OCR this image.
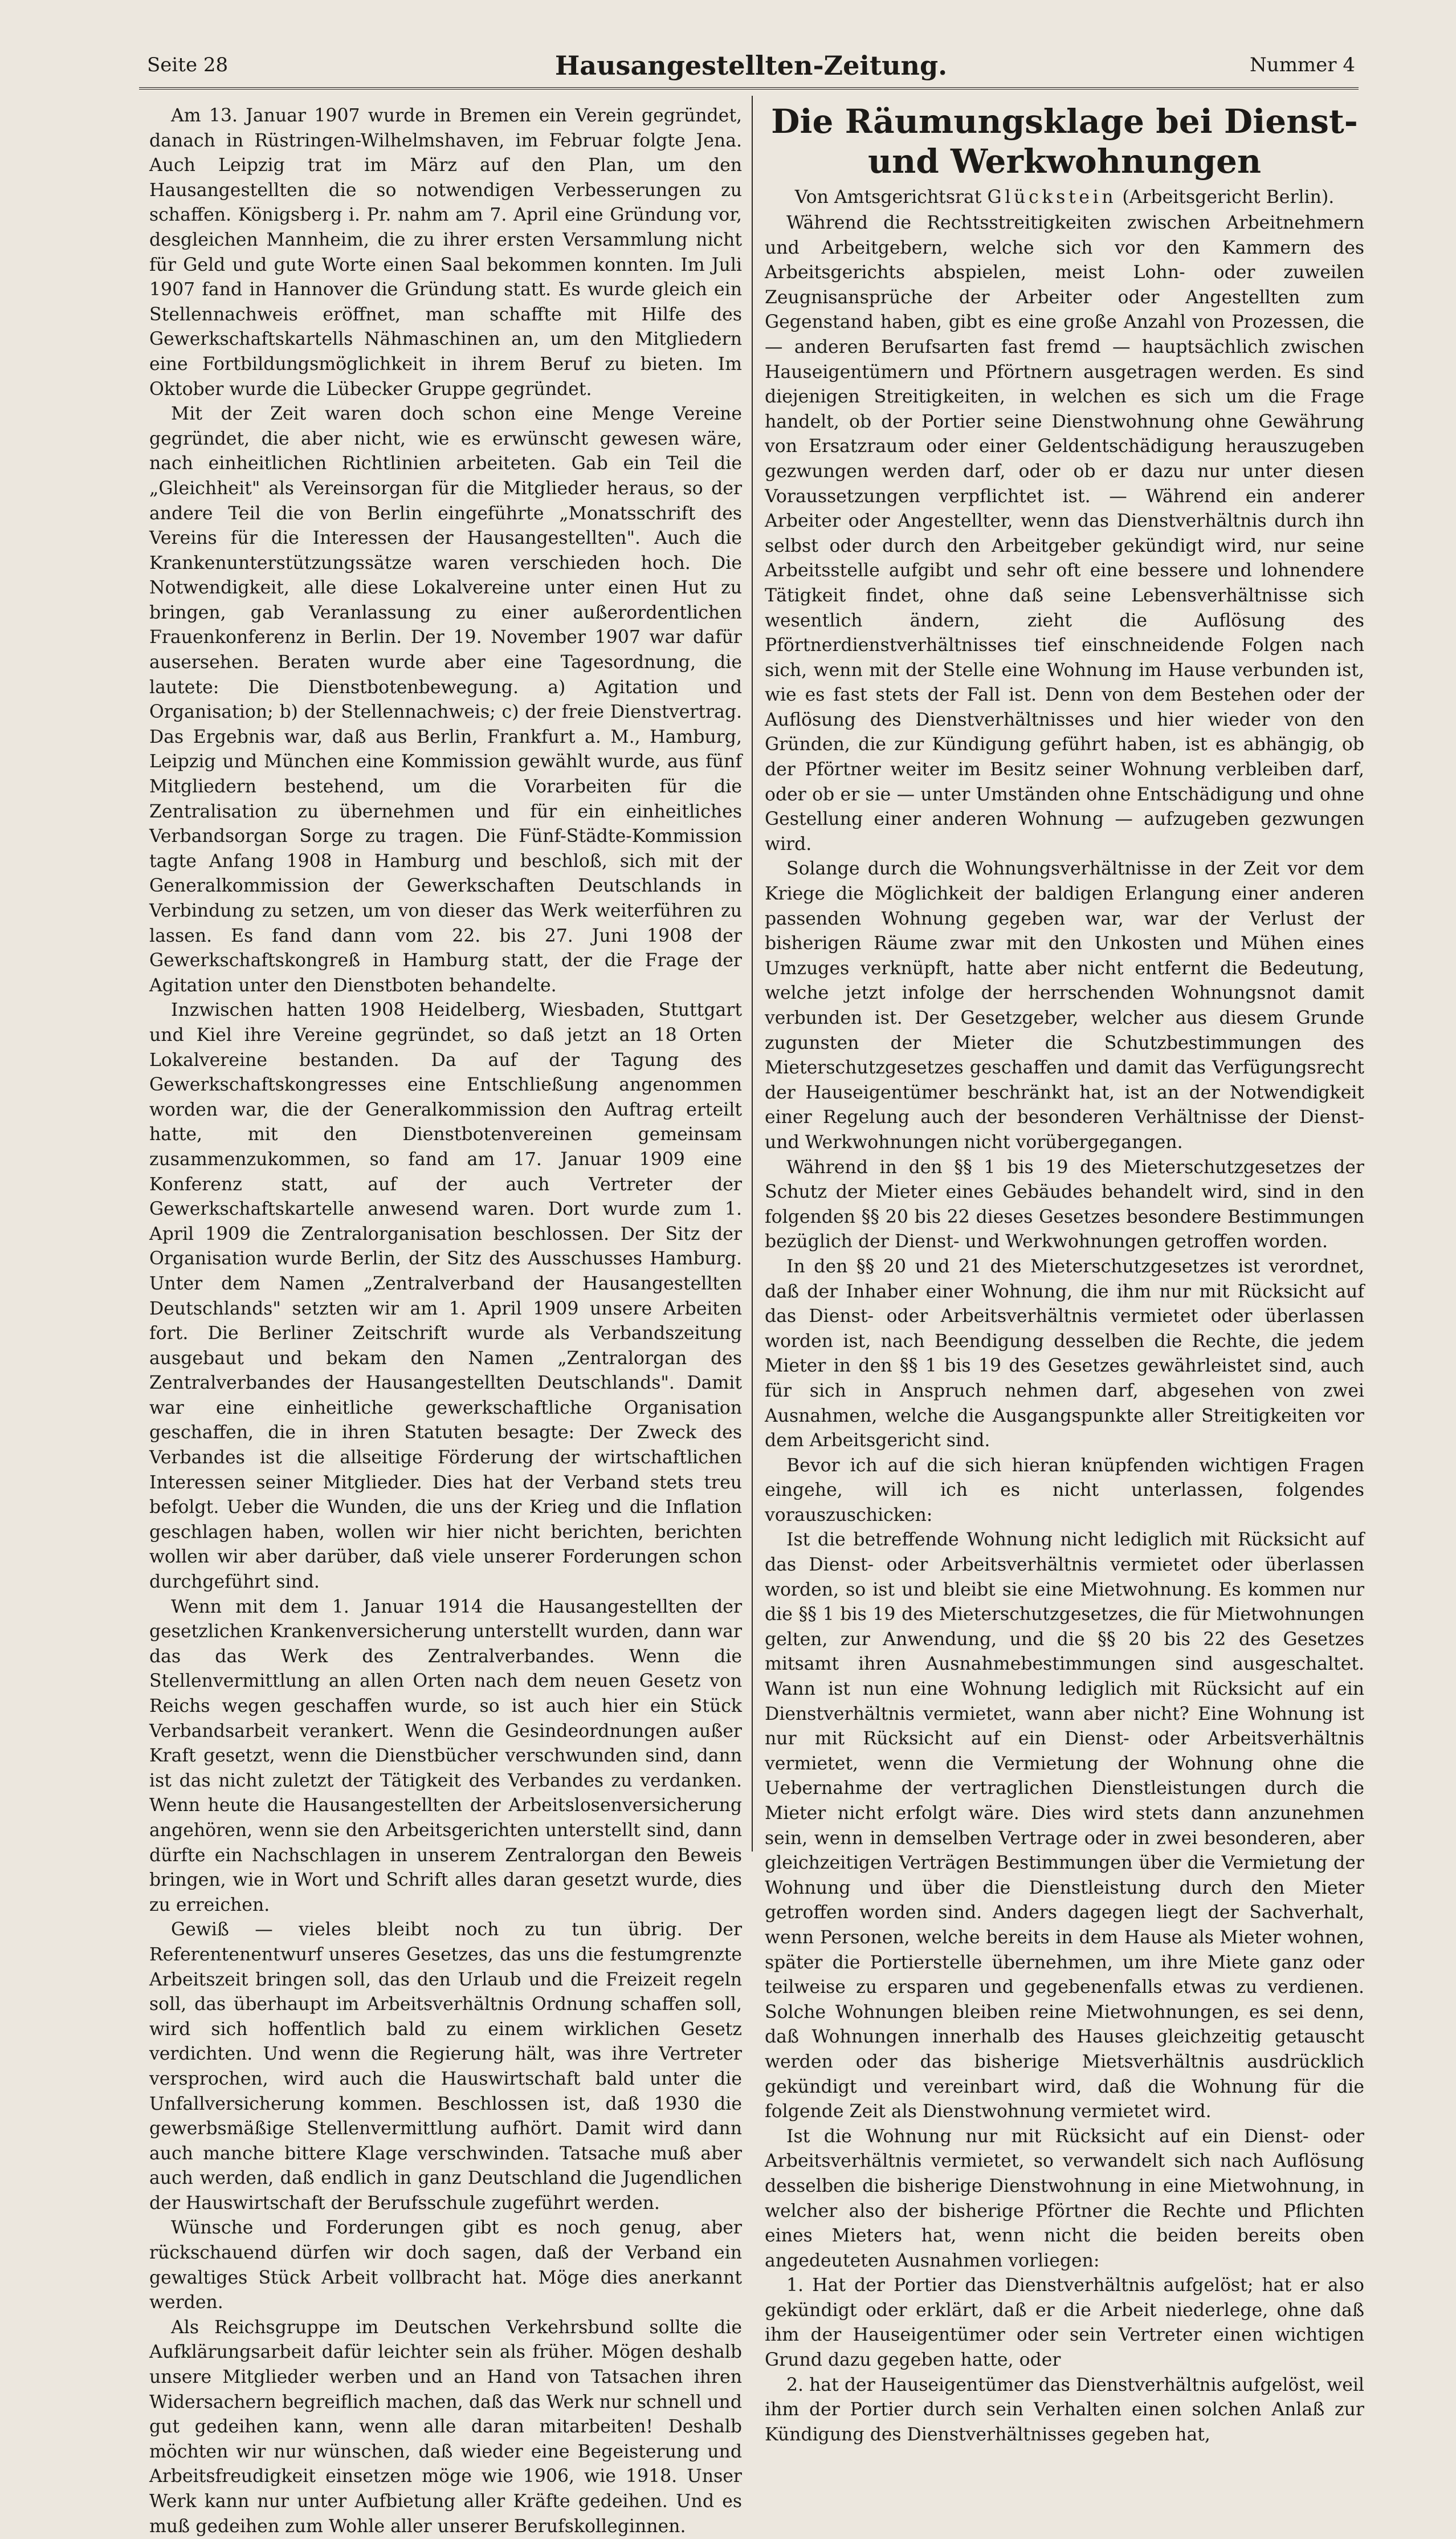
Seite 28	Hausangestellten-Zeitung.	Nummer 4

Am 13. Januar 1907 wurde in Bremen ein Verein gegründet, danach in Rüstringen-Wilhelmshaven, im Februar folgte Jena. Auch Leipzig trat im März auf den Plan, um den Hausangestellten die so notwendigen Verbesserungen zu schaffen. Königsberg i. Pr. nahm am 7. April eine Gründung vor, desgleichen Mannheim, die zu ihrer ersten Versammlung nicht für Geld und gute Worte einen Saal bekommen konnten. Im Juli 1907 fand in Hannover die Gründung statt. Es wurde gleich ein Stellennachweis eröffnet, man schaffte mit Hilfe des Gewerkschaftskartells Nähmaschinen an, um den Mitgliedern eine Fortbildungsmöglichkeit in ihrem Beruf zu bieten. Im Oktober wurde die Lübecker Gruppe gegründet.

Mit der Zeit waren doch schon eine Menge Vereine gegründet, die aber nicht, wie es erwünscht gewesen wäre, nach einheitlichen Richtlinien arbeiteten. Gab ein Teil die „Gleichheit" als Vereinsorgan für die Mitglieder heraus, so der andere Teil die von Berlin eingeführte „Monatsschrift des Vereins für die Interessen der Hausangestellten". Auch die Krankenunterstützungssätze waren verschieden hoch. Die Notwendigkeit, alle diese Lokalvereine unter einen Hut zu bringen, gab Veranlassung zu einer außerordentlichen Frauenkonferenz in Berlin. Der 19. November 1907 war dafür ausersehen. Beraten wurde aber eine Tagesordnung, die lautete: Die Dienstbotenbewegung. a) Agitation und Organisation; b) der Stellennachweis; c) der freie Dienstvertrag. Das Ergebnis war, daß aus Berlin, Frankfurt a. M., Hamburg, Leipzig und München eine Kommission gewählt wurde, aus fünf Mitgliedern bestehend, um die Vorarbeiten für die Zentralisation zu übernehmen und für ein einheitliches Verbandsorgan Sorge zu tragen. Die Fünf-Städte-Kommission tagte Anfang 1908 in Hamburg und beschloß, sich mit der Generalkommission der Gewerkschaften Deutschlands in Verbindung zu setzen, um von dieser das Werk weiterführen zu lassen. Es fand dann vom 22. bis 27. Juni 1908 der Gewerkschaftskongreß in Hamburg statt, der die Frage der Agitation unter den Dienstboten behandelte.

Inzwischen hatten 1908 Heidelberg, Wiesbaden, Stuttgart und Kiel ihre Vereine gegründet, so daß jetzt an 18 Orten Lokalvereine bestanden. Da auf der Tagung des Gewerkschaftskongresses eine Entschließung angenommen worden war, die der Generalkommission den Auftrag erteilt hatte, mit den Dienstbotenvereinen gemeinsam zusammenzukommen, so fand am 17. Januar 1909 eine Konferenz statt, auf der auch Vertreter der Gewerkschaftskartelle anwesend waren. Dort wurde zum 1. April 1909 die Zentralorganisation beschlossen. Der Sitz der Organisation wurde Berlin, der Sitz des Ausschusses Hamburg. Unter dem Namen „Zentralverband der Hausangestellten Deutschlands" setzten wir am 1. April 1909 unsere Arbeiten fort. Die Berliner Zeitschrift wurde als Verbandszeitung ausgebaut und bekam den Namen „Zentralorgan des Zentralverbandes der Hausangestellten Deutschlands". Damit war eine einheitliche gewerkschaftliche Organisation geschaffen, die in ihren Statuten besagte: Der Zweck des Verbandes ist die allseitige Förderung der wirtschaftlichen Interessen seiner Mitglieder. Dies hat der Verband stets treu befolgt. Ueber die Wunden, die uns der Krieg und die Inflation geschlagen haben, wollen wir hier nicht berichten, berichten wollen wir aber darüber, daß viele unserer Forderungen schon durchgeführt sind.

Wenn mit dem 1. Januar 1914 die Hausangestellten der gesetzlichen Krankenversicherung unterstellt wurden, dann war das das Werk des Zentralverbandes. Wenn die Stellenvermittlung an allen Orten nach dem neuen Gesetz von Reichs wegen geschaffen wurde, so ist auch hier ein Stück Verbandsarbeit verankert. Wenn die Gesindeordnungen außer Kraft gesetzt, wenn die Dienstbücher verschwunden sind, dann ist das nicht zuletzt der Tätigkeit des Verbandes zu verdanken. Wenn heute die Hausangestellten der Arbeitslosenversicherung angehören, wenn sie den Arbeitsgerichten unterstellt sind, dann dürfte ein Nachschlagen in unserem Zentralorgan den Beweis bringen, wie in Wort und Schrift alles daran gesetzt wurde, dies zu erreichen.

Gewiß — vieles bleibt noch zu tun übrig. Der Referentenentwurf unseres Gesetzes, das uns die festumgrenzte Arbeitszeit bringen soll, das den Urlaub und die Freizeit regeln soll, das überhaupt im Arbeitsverhältnis Ordnung schaffen soll, wird sich hoffentlich bald zu einem wirklichen Gesetz verdichten. Und wenn die Regierung hält, was ihre Vertreter versprochen, wird auch die Hauswirtschaft bald unter die Unfallversicherung kommen. Beschlossen ist, daß 1930 die gewerbsmäßige Stellenvermittlung aufhört. Damit wird dann auch manche bittere Klage verschwinden. Tatsache muß aber auch werden, daß endlich in ganz Deutschland die Jugendlichen der Hauswirtschaft der Berufsschule zugeführt werden.

Wünsche und Forderungen gibt es noch genug, aber rückschauend dürfen wir doch sagen, daß der Verband ein gewaltiges Stück Arbeit vollbracht hat. Möge dies anerkannt werden.

Als Reichsgruppe im Deutschen Verkehrsbund sollte die Aufklärungsarbeit dafür leichter sein als früher. Mögen deshalb unsere Mitglieder werben und an Hand von Tatsachen ihren Widersachern begreiflich machen, daß das Werk nur schnell und gut gedeihen kann, wenn alle daran mitarbeiten! Deshalb möchten wir nur wünschen, daß wieder eine Begeisterung und Arbeitsfreudigkeit einsetzen möge wie 1906, wie 1918. Unser Werk kann nur unter Aufbietung aller Kräfte gedeihen. Und es muß gedeihen zum Wohle aller unserer Berufskolleginnen.

Die Räumungsklage bei Dienst- und Werkwohnungen
Von Amtsgerichtsrat Glückstein (Arbeitsgericht Berlin).

Während die Rechtsstreitigkeiten zwischen Arbeitnehmern und Arbeitgebern, welche sich vor den Kammern des Arbeitsgerichts abspielen, meist Lohn- oder zuweilen Zeugnisansprüche der Arbeiter oder Angestellten zum Gegenstand haben, gibt es eine große Anzahl von Prozessen, die — anderen Berufsarten fast fremd — hauptsächlich zwischen Hauseigentümern und Pförtnern ausgetragen werden. Es sind diejenigen Streitigkeiten, in welchen es sich um die Frage handelt, ob der Portier seine Dienstwohnung ohne Gewährung von Ersatzraum oder einer Geldentschädigung herauszugeben gezwungen werden darf, oder ob er dazu nur unter diesen Voraussetzungen verpflichtet ist. — Während ein anderer Arbeiter oder Angestellter, wenn das Dienstverhältnis durch ihn selbst oder durch den Arbeitgeber gekündigt wird, nur seine Arbeitsstelle aufgibt und sehr oft eine bessere und lohnendere Tätigkeit findet, ohne daß seine Lebensverhältnisse sich wesentlich ändern, zieht die Auflösung des Pförtnerdienstverhältnisses tief einschneidende Folgen nach sich, wenn mit der Stelle eine Wohnung im Hause verbunden ist, wie es fast stets der Fall ist. Denn von dem Bestehen oder der Auflösung des Dienstverhältnisses und hier wieder von den Gründen, die zur Kündigung geführt haben, ist es abhängig, ob der Pförtner weiter im Besitz seiner Wohnung verbleiben darf, oder ob er sie — unter Umständen ohne Entschädigung und ohne Gestellung einer anderen Wohnung — aufzugeben gezwungen wird.

Solange durch die Wohnungsverhältnisse in der Zeit vor dem Kriege die Möglichkeit der baldigen Erlangung einer anderen passenden Wohnung gegeben war, war der Verlust der bisherigen Räume zwar mit den Unkosten und Mühen eines Umzuges verknüpft, hatte aber nicht entfernt die Bedeutung, welche jetzt infolge der herrschenden Wohnungsnot damit verbunden ist. Der Gesetzgeber, welcher aus diesem Grunde zugunsten der Mieter die Schutzbestimmungen des Mieterschutzgesetzes geschaffen und damit das Verfügungsrecht der Hauseigentümer beschränkt hat, ist an der Notwendigkeit einer Regelung auch der besonderen Verhältnisse der Dienst- und Werkwohnungen nicht vorübergegangen.

Während in den §§ 1 bis 19 des Mieterschutzgesetzes der Schutz der Mieter eines Gebäudes behandelt wird, sind in den folgenden §§ 20 bis 22 dieses Gesetzes besondere Bestimmungen bezüglich der Dienst- und Werkwohnungen getroffen worden.

In den §§ 20 und 21 des Mieterschutzgesetzes ist verordnet, daß der Inhaber einer Wohnung, die ihm nur mit Rücksicht auf das Dienst- oder Arbeitsverhältnis vermietet oder überlassen worden ist, nach Beendigung desselben die Rechte, die jedem Mieter in den §§ 1 bis 19 des Gesetzes gewährleistet sind, auch für sich in Anspruch nehmen darf, abgesehen von zwei Ausnahmen, welche die Ausgangspunkte aller Streitigkeiten vor dem Arbeitsgericht sind.

Bevor ich auf die sich hieran knüpfenden wichtigen Fragen eingehe, will ich es nicht unterlassen, folgendes vorauszuschicken:

Ist die betreffende Wohnung nicht lediglich mit Rücksicht auf das Dienst- oder Arbeitsverhältnis vermietet oder überlassen worden, so ist und bleibt sie eine Mietwohnung. Es kommen nur die §§ 1 bis 19 des Mieterschutzgesetzes, die für Mietwohnungen gelten, zur Anwendung, und die §§ 20 bis 22 des Gesetzes mitsamt ihren Ausnahmebestimmungen sind ausgeschaltet. Wann ist nun eine Wohnung lediglich mit Rücksicht auf ein Dienstverhältnis vermietet, wann aber nicht? Eine Wohnung ist nur mit Rücksicht auf ein Dienst- oder Arbeitsverhältnis vermietet, wenn die Vermietung der Wohnung ohne die Uebernahme der vertraglichen Dienstleistungen durch die Mieter nicht erfolgt wäre. Dies wird stets dann anzunehmen sein, wenn in demselben Vertrage oder in zwei besonderen, aber gleichzeitigen Verträgen Bestimmungen über die Vermietung der Wohnung und über die Dienstleistung durch den Mieter getroffen worden sind. Anders dagegen liegt der Sachverhalt, wenn Personen, welche bereits in dem Hause als Mieter wohnen, später die Portierstelle übernehmen, um ihre Miete ganz oder teilweise zu ersparen und gegebenenfalls etwas zu verdienen. Solche Wohnungen bleiben reine Mietwohnungen, es sei denn, daß Wohnungen innerhalb des Hauses gleichzeitig getauscht werden oder das bisherige Mietsverhältnis ausdrücklich gekündigt und vereinbart wird, daß die Wohnung für die folgende Zeit als Dienstwohnung vermietet wird.

Ist die Wohnung nur mit Rücksicht auf ein Dienst- oder Arbeitsverhältnis vermietet, so verwandelt sich nach Auflösung desselben die bisherige Dienstwohnung in eine Mietwohnung, in welcher also der bisherige Pförtner die Rechte und Pflichten eines Mieters hat, wenn nicht die beiden bereits oben angedeuteten Ausnahmen vorliegen:

1. Hat der Portier das Dienstverhältnis aufgelöst; hat er also gekündigt oder erklärt, daß er die Arbeit niederlege, ohne daß ihm der Hauseigentümer oder sein Vertreter einen wichtigen Grund dazu gegeben hatte, oder

2. hat der Hauseigentümer das Dienstverhältnis aufgelöst, weil ihm der Portier durch sein Verhalten einen solchen Anlaß zur Kündigung des Dienstverhältnisses gegeben hat,
